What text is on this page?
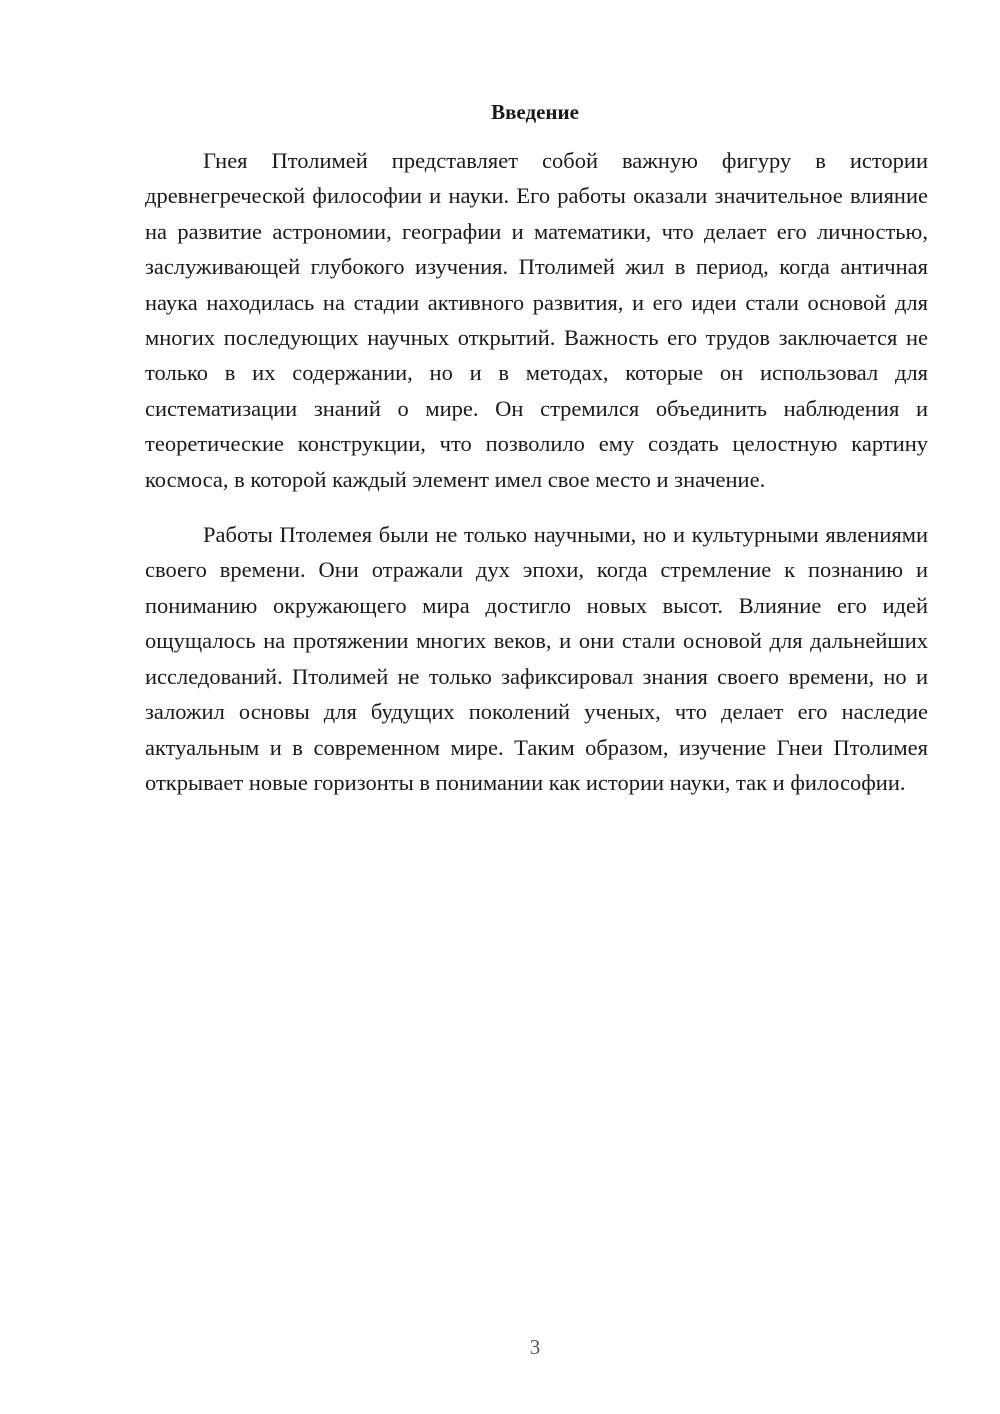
Введение

Гнея Птолимей представляет собой важную фигуру в истории древнегреческой философии и науки. Его работы оказали значительное влияние на развитие астрономии, географии и математики, что делает его личностью, заслуживающей глубокого изучения. Птолимей жил в период, когда античная наука находилась на стадии активного развития, и его идеи стали основой для многих последующих научных открытий. Важность его трудов заключается не только в их содержании, но и в методах, которые он использовал для систематизации знаний о мире. Он стремился объединить наблюдения и теоретические конструкции, что позволило ему создать целостную картину космоса, в которой каждый элемент имел свое место и значение.

Работы Птолемея были не только научными, но и культурными явлениями своего времени. Они отражали дух эпохи, когда стремление к познанию и пониманию окружающего мира достигло новых высот. Влияние его идей ощущалось на протяжении многих веков, и они стали основой для дальнейших исследований. Птолимей не только зафиксировал знания своего времени, но и заложил основы для будущих поколений ученых, что делает его наследие актуальным и в современном мире. Таким образом, изучение Гнеи Птолимея открывает новые горизонты в понимании как истории науки, так и философии.

3
